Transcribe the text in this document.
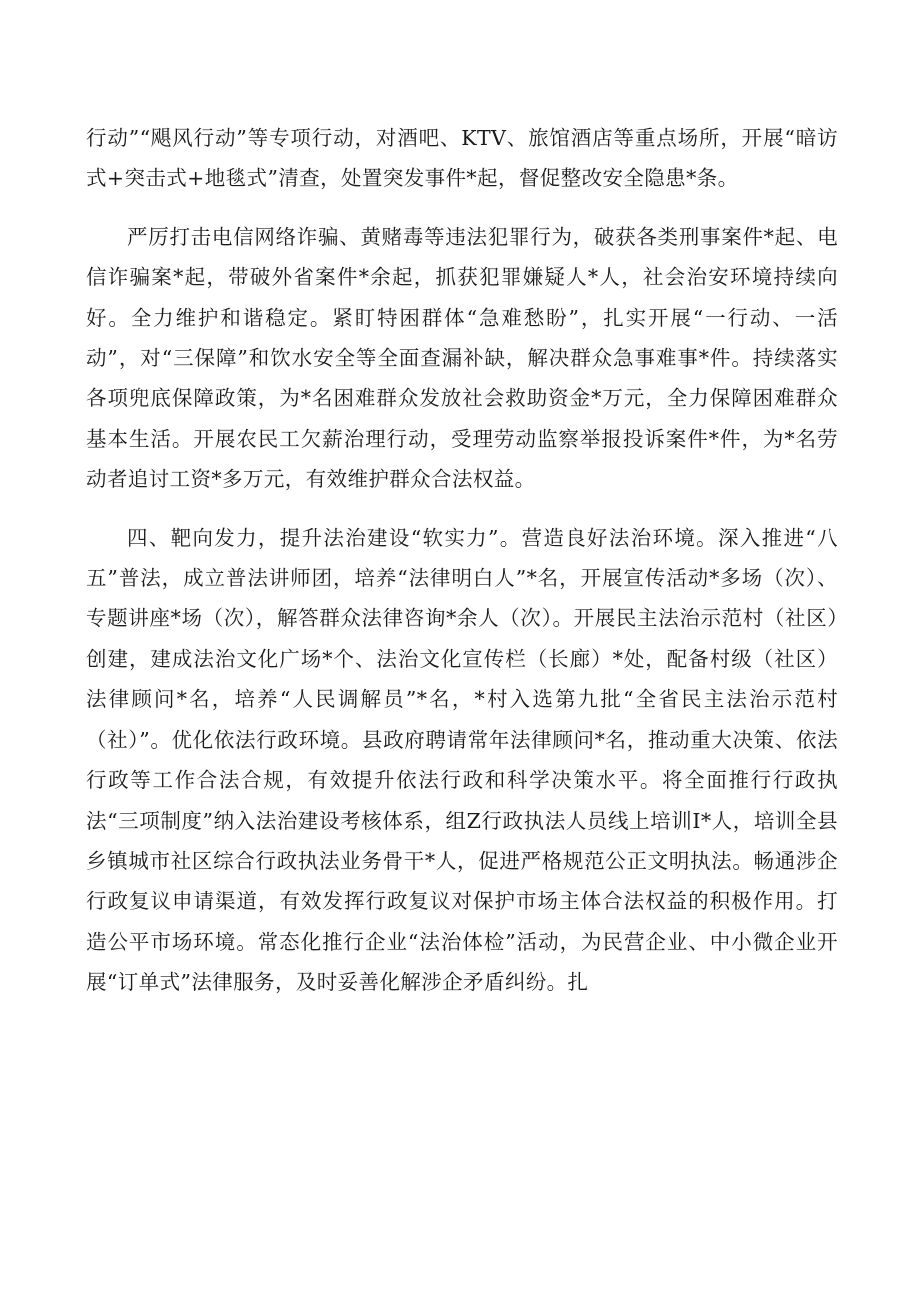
行动”“飓风行动”等专项行动，对酒吧、KTV、旅馆酒店等重点场所，开展“暗访式+突击式+地毯式”清查，处置突发事件*起，督促整改安全隐患*条。

严厉打击电信网络诈骗、黄赌毒等违法犯罪行为，破获各类刑事案件*起、电信诈骗案*起，带破外省案件*余起，抓获犯罪嫌疑人*人，社会治安环境持续向好。全力维护和谐稳定。紧盯特困群体“急难愁盼”，扎实开展“一行动、一活动”，对“三保障”和饮水安全等全面查漏补缺，解决群众急事难事*件。持续落实各项兜底保障政策，为*名困难群众发放社会救助资金*万元，全力保障困难群众基本生活。开展农民工欠薪治理行动，受理劳动监察举报投诉案件*件，为*名劳动者追讨工资*多万元，有效维护群众合法权益。

四、靶向发力，提升法治建设“软实力”。营造良好法治环境。深入推进“八五”普法，成立普法讲师团，培养“法律明白人”*名，开展宣传活动*多场（次）、专题讲座*场（次），解答群众法律咨询*余人（次）。开展民主法治示范村（社区）创建，建成法治文化广场*个、法治文化宣传栏（长廊）*处，配备村级（社区）法律顾问*名，培养“人民调解员”*名，*村入选第九批“全省民主法治示范村（社）”。优化依法行政环境。县政府聘请常年法律顾问*名，推动重大决策、依法行政等工作合法合规，有效提升依法行政和科学决策水平。将全面推行行政执法“三项制度”纳入法治建设考核体系，组Z行政执法人员线上培训I*人，培训全县乡镇城市社区综合行政执法业务骨干*人，促进严格规范公正文明执法。畅通涉企行政复议申请渠道，有效发挥行政复议对保护市场主体合法权益的积极作用。打造公平市场环境。常态化推行企业“法治体检”活动，为民营企业、中小微企业开展“订单式”法律服务，及时妥善化解涉企矛盾纠纷。扎
